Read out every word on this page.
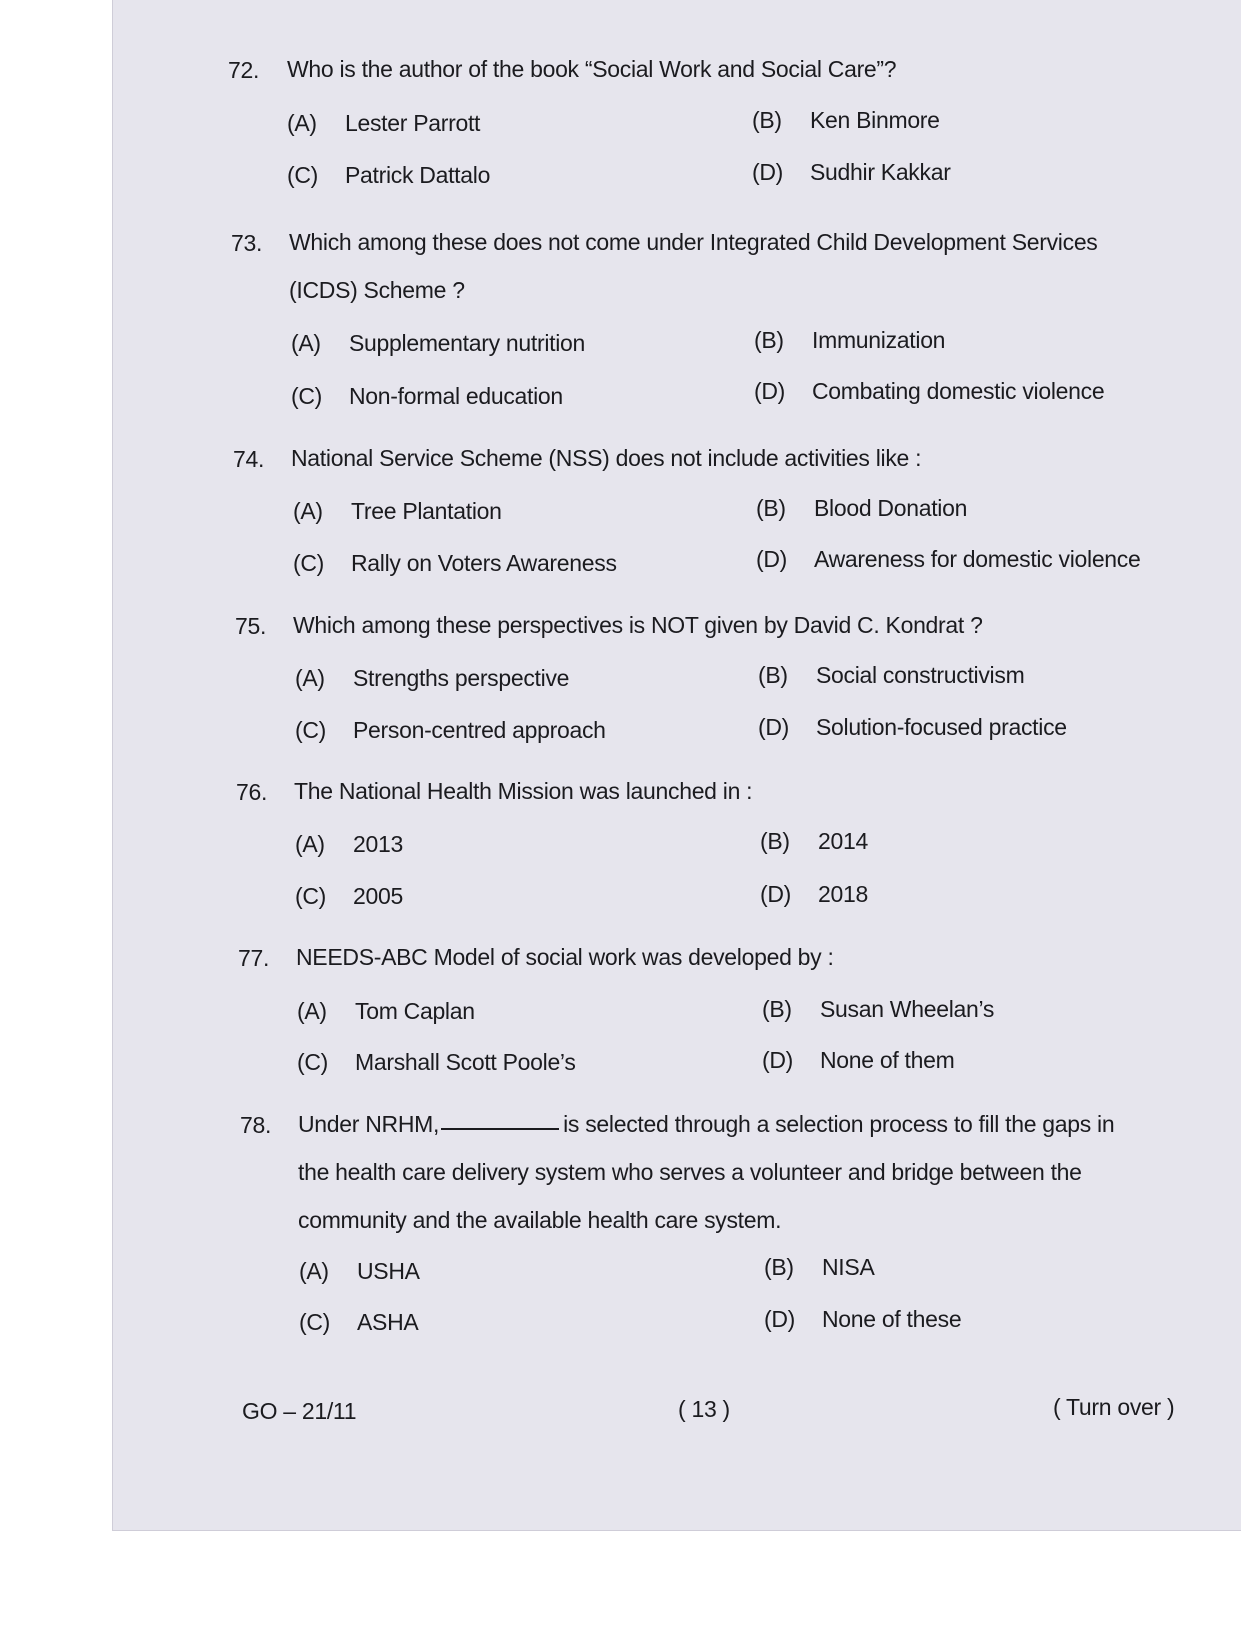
72. Who is the author of the book “Social Work and Social Care”?
(A) Lester Parrott	(B) Ken Binmore
(C) Patrick Dattalo	(D) Sudhir Kakkar
73. Which among these does not come under Integrated Child Development Services
(ICDS) Scheme ?
(A) Supplementary nutrition	(B) Immunization
(C) Non-formal education	(D) Combating domestic violence
74. National Service Scheme (NSS) does not include activities like :
(A) Tree Plantation	(B) Blood Donation
(C) Rally on Voters Awareness	(D) Awareness for domestic violence
75. Which among these perspectives is NOT given by David C. Kondrat ?
(A) Strengths perspective	(B) Social constructivism
(C) Person-centred approach	(D) Solution-focused practice
76. The National Health Mission was launched in :
(A) 2013	(B) 2014
(C) 2005	(D) 2018
77. NEEDS-ABC Model of social work was developed by :
(A) Tom Caplan	(B) Susan Wheelan’s
(C) Marshall Scott Poole’s	(D) None of them
78. Under NRHM,	is selected through a selection process to fill the gaps in
the health care delivery system who serves a volunteer and bridge between the
community and the available health care system.
(A) USHA	(B) NISA
(C) ASHA	(D) None of these
GO – 21/11	( 13 )	( Turn over )
